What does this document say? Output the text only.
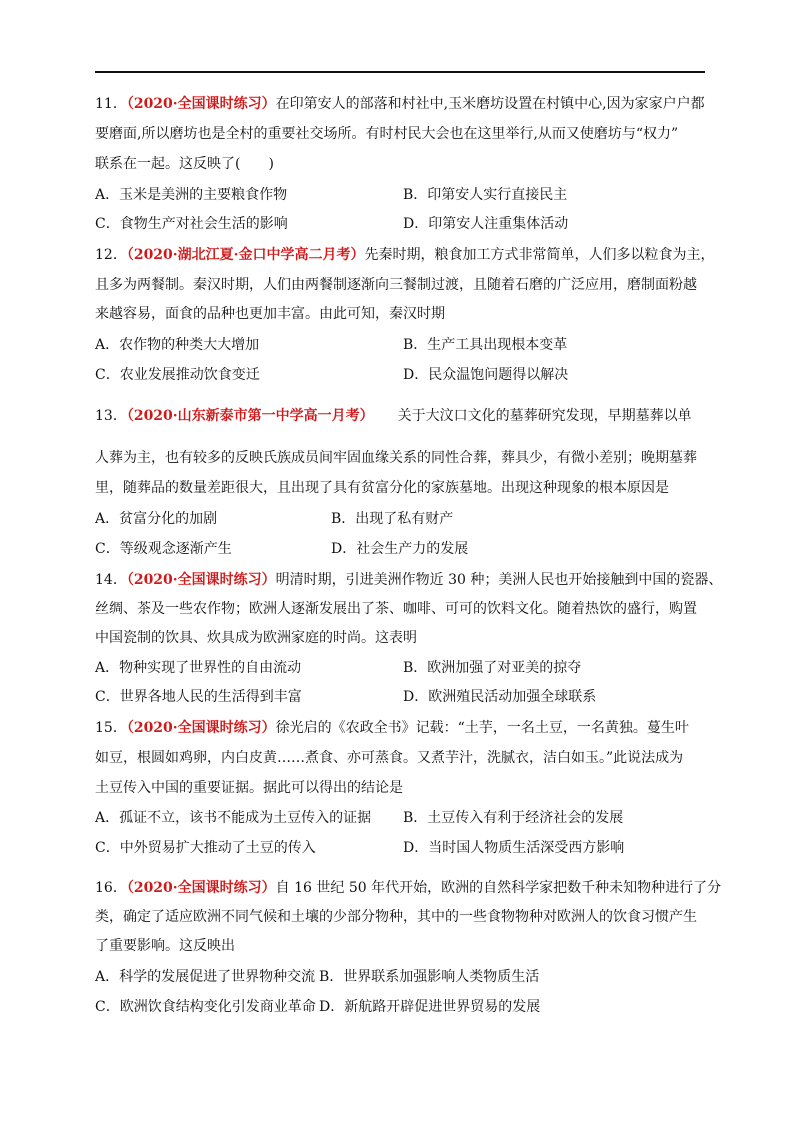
11．（2020·全国课时练习）在印第安人的部落和村社中,玉米磨坊设置在村镇中心,因为家家户户都
要磨面,所以磨坊也是全村的重要社交场所。有时村民大会也在这里举行,从而又使磨坊与“权力”
联系在一起。这反映了(　　)
A．玉米是美洲的主要粮食作物	B．印第安人实行直接民主
C．食物生产对社会生活的影响	D．印第安人注重集体活动
12．（2020·湖北江夏·金口中学高二月考）先秦时期，粮食加工方式非常简单，人们多以粒食为主，
且多为两餐制。秦汉时期，人们由两餐制逐渐向三餐制过渡，且随着石磨的广泛应用，磨制面粉越
来越容易，面食的品种也更加丰富。由此可知，秦汉时期
A．农作物的种类大大增加	B．生产工具出现根本变革
C．农业发展推动饮食变迁	D．民众温饱问题得以解决
13．（2020·山东新泰市第一中学高一月考） 关于大汶口文化的墓葬研究发现，早期墓葬以单
人葬为主，也有较多的反映氏族成员间牢固血缘关系的同性合葬，葬具少，有微小差别；晚期墓葬
里，随葬品的数量差距很大，且出现了具有贫富分化的家族墓地。出现这种现象的根本原因是
A．贫富分化的加剧	B．出现了私有财产
C．等级观念逐渐产生	D．社会生产力的发展
14．（2020·全国课时练习）明清时期，引进美洲作物近 30 种；美洲人民也开始接触到中国的瓷器、
丝绸、茶及一些农作物；欧洲人逐渐发展出了茶、咖啡、可可的饮料文化。随着热饮的盛行，购置
中国瓷制的饮具、炊具成为欧洲家庭的时尚。这表明
A．物种实现了世界性的自由流动	B．欧洲加强了对亚美的掠夺
C．世界各地人民的生活得到丰富	D．欧洲殖民活动加强全球联系
15．（2020·全国课时练习）徐光启的《农政全书》记载：“土芋，一名土豆，一名黄独。蔓生叶
如豆，根圆如鸡卵，内白皮黄……煮食、亦可蒸食。又煮芋汁，洗腻衣，洁白如玉。”此说法成为
土豆传入中国的重要证据。据此可以得出的结论是
A．孤证不立，该书不能成为土豆传入的证据 B．土豆传入有利于经济社会的发展
C．中外贸易扩大推动了土豆的传入	D．当时国人物质生活深受西方影响
16．（2020·全国课时练习）自 16 世纪 50 年代开始，欧洲的自然科学家把数千种未知物种进行了分
类，确定了适应欧洲不同气候和土壤的少部分物种，其中的一些食物物种对欧洲人的饮食习惯产生
了重要影响。这反映出
A．科学的发展促进了世界物种交流 B．世界联系加强影响人类物质生活
C．欧洲饮食结构变化引发商业革命 D．新航路开辟促进世界贸易的发展
